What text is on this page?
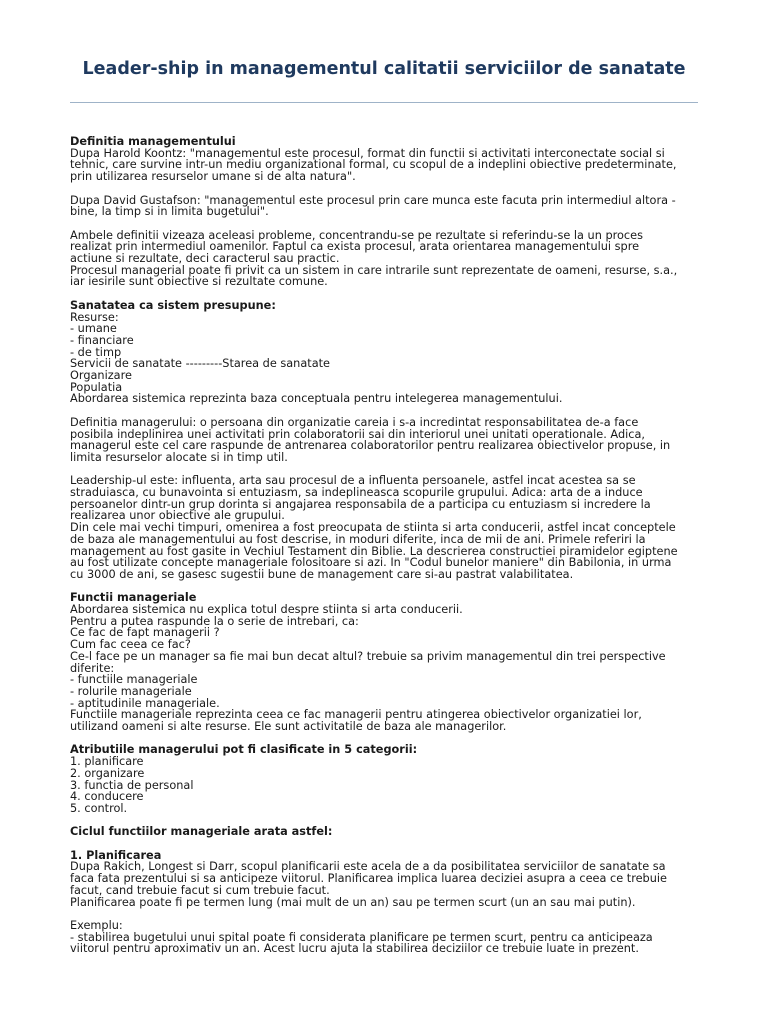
Leader-ship in managementul calitatii serviciilor de sanatate

Definitia managementului

Dupa Harold Koontz: "managementul este procesul, format din functii si activitati interconectate social si

tehnic, care survine intr-un mediu organizational formal, cu scopul de a indeplini obiective predeterminate,

prin utilizarea resurselor umane si de alta natura".

Dupa David Gustafson: "managementul este procesul prin care munca este facuta prin intermediul altora -

bine, la timp si in limita bugetului".

Ambele definitii vizeaza aceleasi probleme, concentrandu-se pe rezultate si referindu-se la un proces

realizat prin intermediul oamenilor. Faptul ca exista procesul, arata orientarea managementului spre

actiune si rezultate, deci caracterul sau practic.

Procesul managerial poate fi privit ca un sistem in care intrarile sunt reprezentate de oameni, resurse, s.a.,

iar iesirile sunt obiective si rezultate comune.

Sanatatea ca sistem presupune:

Resurse:

- umane

- financiare

- de timp

Servicii de sanatate ---------Starea de sanatate

Organizare

Populatia

Abordarea sistemica reprezinta baza conceptuala pentru intelegerea managementului.

Definitia managerului: o persoana din organizatie careia i s-a incredintat responsabilitatea de-a face

posibila indeplinirea unei activitati prin colaboratorii sai din interiorul unei unitati operationale. Adica,

managerul este cel care raspunde de antrenarea colaboratorilor pentru realizarea obiectivelor propuse, in

limita resurselor alocate si in timp util.

Leadership-ul este: influenta, arta sau procesul de a influenta persoanele, astfel incat acestea sa se

straduiasca, cu bunavointa si entuziasm, sa indeplineasca scopurile grupului. Adica: arta de a induce

persoanelor dintr-un grup dorinta si angajarea responsabila de a participa cu entuziasm si incredere la

realizarea unor obiective ale grupului.

Din cele mai vechi timpuri, omenirea a fost preocupata de stiinta si arta conducerii, astfel incat conceptele

de baza ale managementului au fost descrise, in moduri diferite, inca de mii de ani. Primele referiri la

management au fost gasite in Vechiul Testament din Biblie. La descrierea constructiei piramidelor egiptene

au fost utilizate concepte manageriale folositoare si azi. In "Codul bunelor maniere" din Babilonia, in urma

cu 3000 de ani, se gasesc sugestii bune de management care si-au pastrat valabilitatea.

Functii manageriale

Abordarea sistemica nu explica totul despre stiinta si arta conducerii.

Pentru a putea raspunde la o serie de intrebari, ca:

Ce fac de fapt managerii ?

Cum fac ceea ce fac?

Ce-l face pe un manager sa fie mai bun decat altul? trebuie sa privim managementul din trei perspective

diferite:

- functiile manageriale

- rolurile manageriale

- aptitudinile manageriale.

Functiile manageriale reprezinta ceea ce fac managerii pentru atingerea obiectivelor organizatiei lor,

utilizand oameni si alte resurse. Ele sunt activitatile de baza ale managerilor.

Atributiile managerului pot fi clasificate in 5 categorii:

1. planificare

2. organizare

3. functia de personal

4. conducere

5. control.

Ciclul functiilor manageriale arata astfel:

1. Planificarea

Dupa Rakich, Longest si Darr, scopul planificarii este acela de a da posibilitatea serviciilor de sanatate sa

faca fata prezentului si sa anticipeze viitorul. Planificarea implica luarea deciziei asupra a ceea ce trebuie

facut, cand trebuie facut si cum trebuie facut.

Planificarea poate fi pe termen lung (mai mult de un an) sau pe termen scurt (un an sau mai putin).

Exemplu:

- stabilirea bugetului unui spital poate fi considerata planificare pe termen scurt, pentru ca anticipeaza

viitorul pentru aproximativ un an. Acest lucru ajuta la stabilirea deciziilor ce trebuie luate in prezent.
